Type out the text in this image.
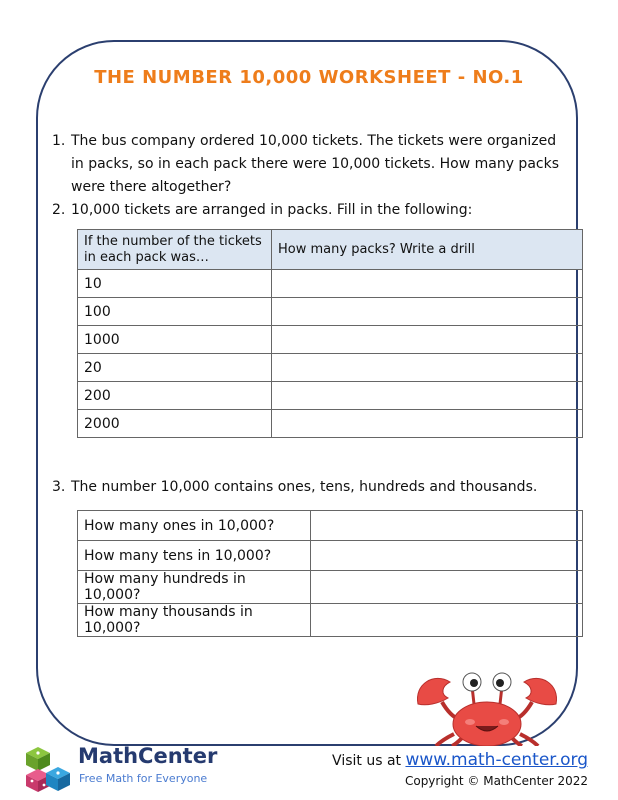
THE NUMBER 10,000 WORKSHEET - NO.1
1. The bus company ordered 10,000 tickets. The tickets were organized in packs, so in each pack there were 10,000 tickets. How many packs were there altogether?
2. 10,000 tickets are arranged in packs. Fill in the following:
If the number of the tickets in each pack was…	How many packs? Write a drill
10	
100	
1000	
20	
200	
2000	
3. The number 10,000 contains ones, tens, hundreds and thousands.
How many ones in 10,000?	
How many tens in 10,000?	
How many hundreds in 10,000?	
How many thousands in 10,000?	
MathCenter
Free Math for Everyone
Visit us at www.math-center.org
Copyright © MathCenter 2022
